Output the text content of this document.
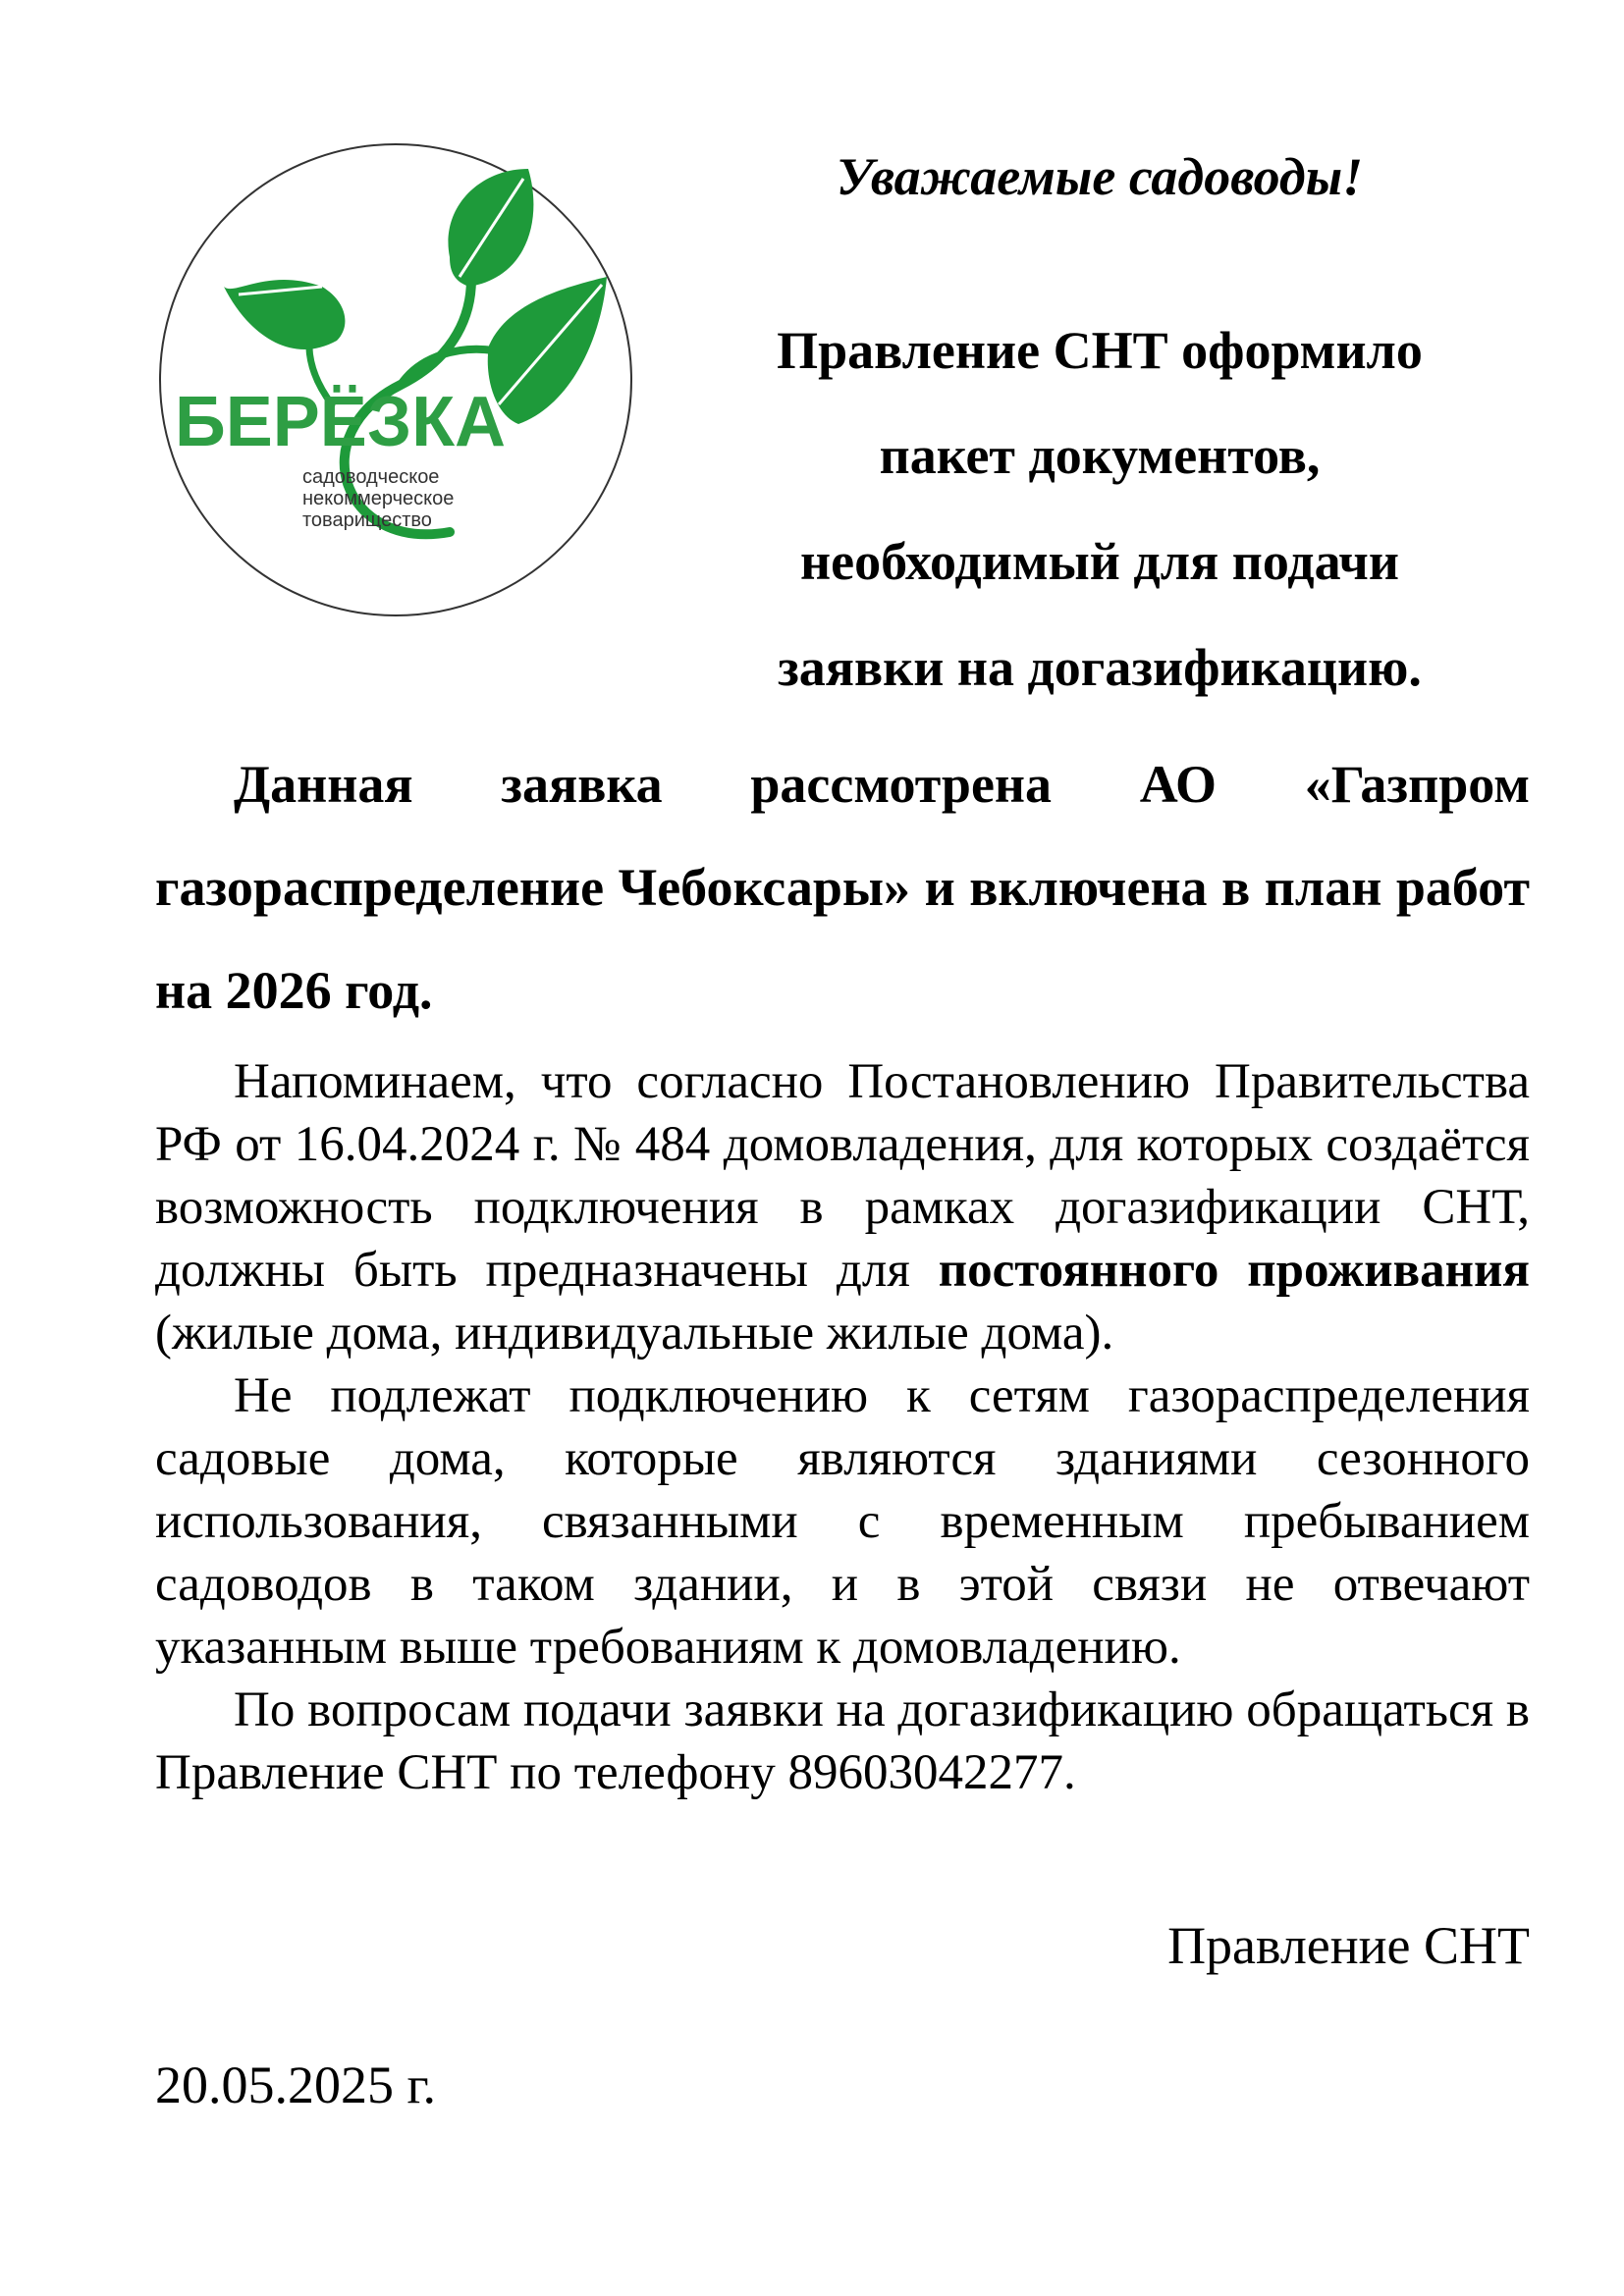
БЕРЁЗКА
садоводческое
некоммерческое
товарищество

Уважаемые садоводы!

Правление СНТ оформило

пакет документов,

необходимый для подачи

заявки на догазификацию.

Данная заявка рассмотрена АО «Газпром газораспределение Чебоксары» и включена в план работ на 2026 год.

Напоминаем, что согласно Постановлению Правительства РФ от 16.04.2024 г. № 484 домовладения, для которых создаётся возможность подключения в рамках догазификации СНТ, должны быть предназначены для постоянного проживания (жилые дома, индивидуальные жилые дома).

Не подлежат подключению к сетям газораспределения садовые дома, которые являются зданиями сезонного использования, связанными с временным пребыванием садоводов в таком здании, и в этой связи не отвечают указанным выше требованиям к домовладению.

По вопросам подачи заявки на догазификацию обращаться в Правление СНТ по телефону 89603042277.

Правление СНТ

20.05.2025 г.
